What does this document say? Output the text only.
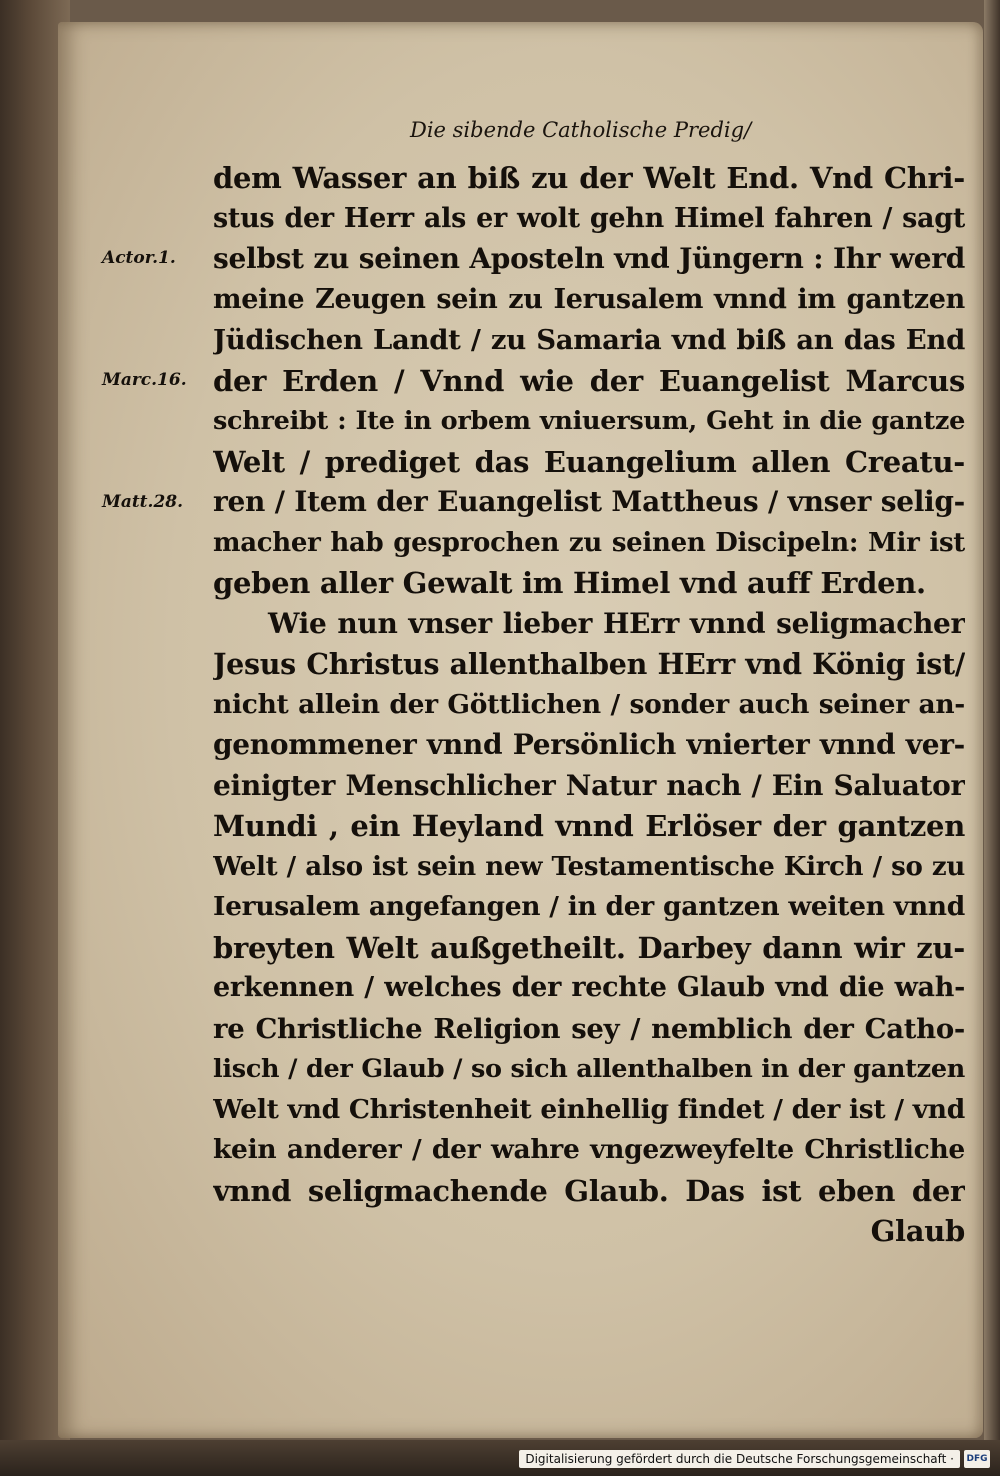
Die sibende Catholische Predig/
Actor.1.
Marc.16.
Matt.28.
dem Wasser an biß zu der Welt End. Vnd Chri-
stus der Herr als er wolt gehn Himel fahren / sagt
selbst zu seinen Aposteln vnd Jüngern : Ihr werd
meine Zeugen sein zu Ierusalem vnnd im gantzen
Jüdischen Landt / zu Samaria vnd biß an das End
der Erden / Vnnd wie der Euangelist Marcus
schreibt : Ite in orbem vniuersum, Geht in die gantze
Welt / prediget das Euangelium allen Creatu-
ren / Item der Euangelist Mattheus / vnser selig-
macher hab gesprochen zu seinen Discipeln: Mir ist
geben aller Gewalt im Himel vnd auff Erden.
Wie nun vnser lieber HErr vnnd seligmacher
Jesus Christus allenthalben HErr vnd König ist/
nicht allein der Göttlichen / sonder auch seiner an-
genommener vnnd Persönlich vnierter vnnd ver-
einigter Menschlicher Natur nach / Ein Saluator
Mundi , ein Heyland vnnd Erlöser der gantzen
Welt / also ist sein new Testamentische Kirch / so zu
Ierusalem angefangen / in der gantzen weiten vnnd
breyten Welt außgetheilt. Darbey dann wir zu-
erkennen / welches der rechte Glaub vnd die wah-
re Christliche Religion sey / nemblich der Catho-
lisch / der Glaub / so sich allenthalben in der gantzen
Welt vnd Christenheit einhellig findet / der ist / vnd
kein anderer / der wahre vngezweyfelte Christliche
vnnd seligmachende Glaub. Das ist eben der
Glaub
Digitalisierung gefördert durch die Deutsche Forschungsgemeinschaft ·	DFG
